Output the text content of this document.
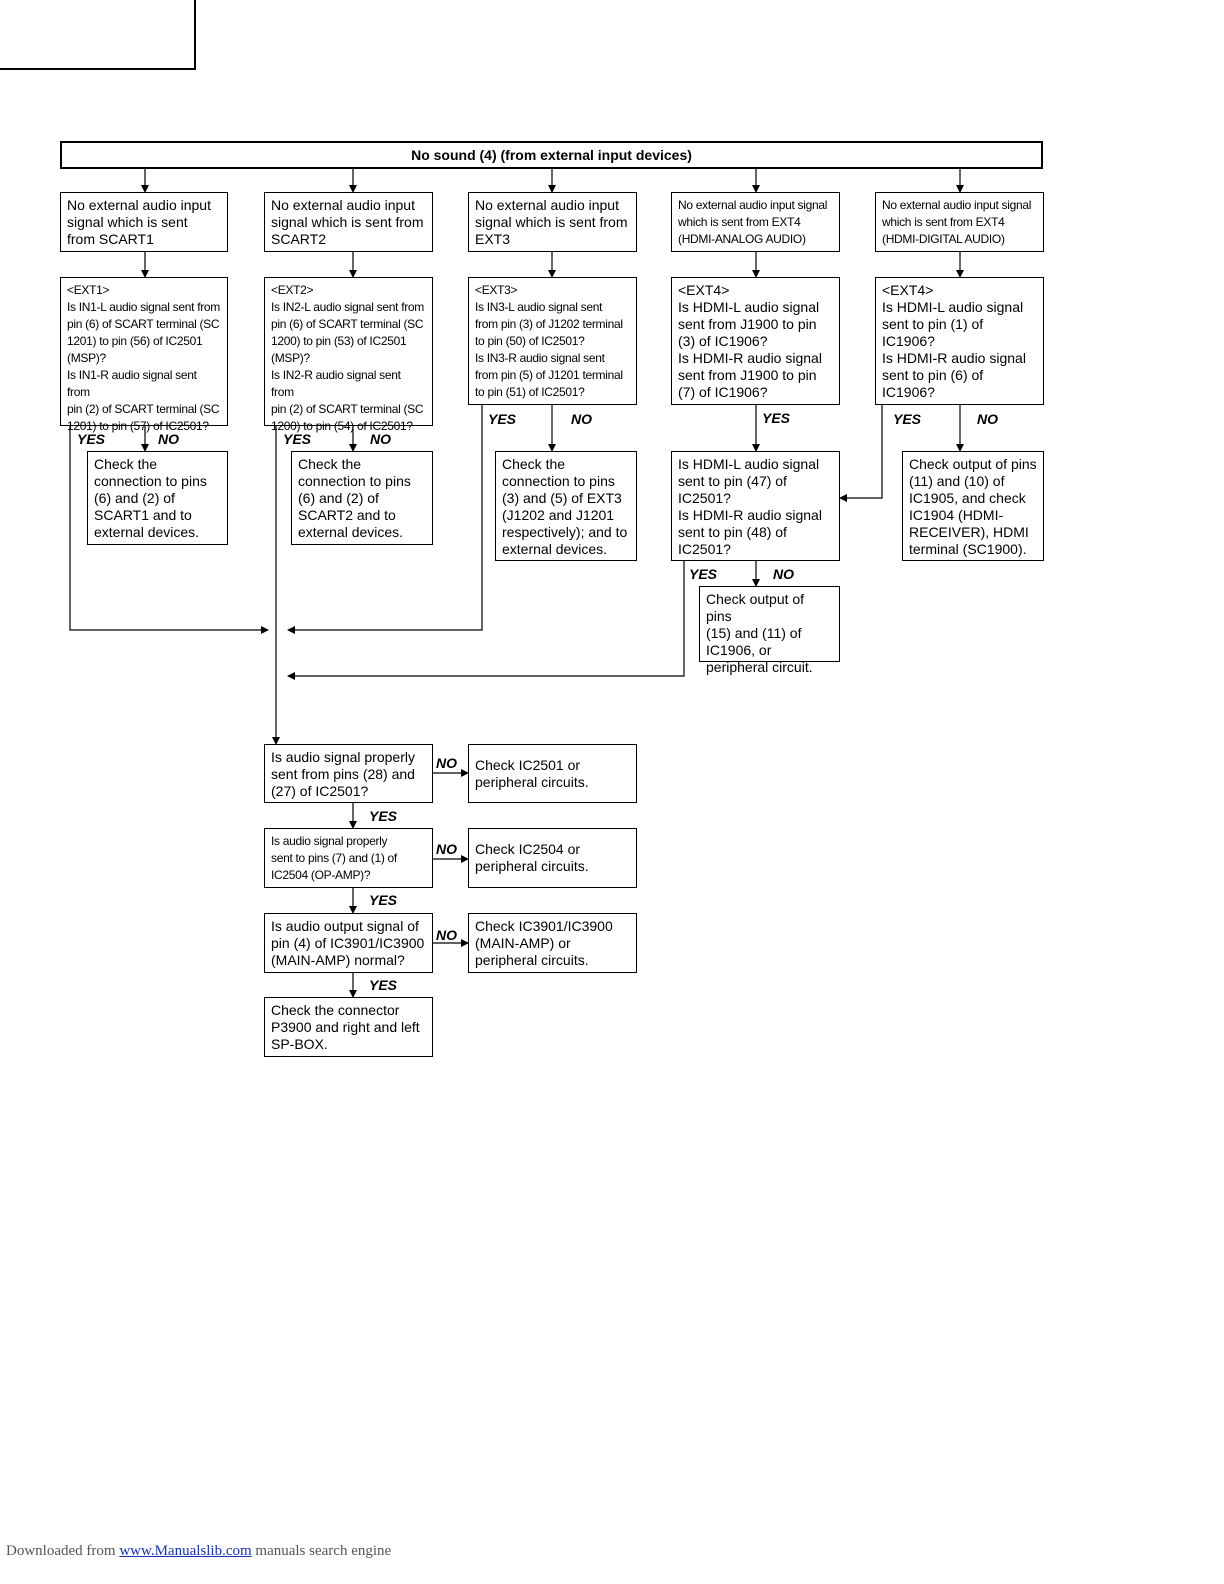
No sound (4) (from external input devices)
No external audio input
signal which is sent
from SCART1
<EXT1>
Is IN1-L audio signal sent from
pin (6) of SCART terminal (SC
1201) to pin (56) of IC2501
(MSP)?
Is IN1-R audio signal sent from
pin (2) of SCART terminal (SC
1201) to pin (57) of IC2501?
YES	NO
Check the
connection to pins
(6) and (2) of
SCART1 and to
external devices.
No external audio input
signal which is sent from
SCART2
<EXT2>
Is IN2-L audio signal sent from
pin (6) of SCART terminal (SC
1200) to pin (53) of IC2501
(MSP)?
Is IN2-R audio signal sent from
pin (2) of SCART terminal (SC
1200) to pin (54) of IC2501?
YES	NO
Check the
connection to pins
(6) and (2) of
SCART2 and to
external devices.
No external audio input
signal which is sent from
EXT3
<EXT3>
Is IN3-L audio signal sent
from pin (3) of J1202 terminal
to pin (50) of IC2501?
Is IN3-R audio signal sent
from pin (5) of J1201 terminal
to pin (51) of IC2501?
YES	NO
Check the
connection to pins
(3) and (5) of EXT3
(J1202 and J1201
respectively); and to
external devices.
No external audio input signal
which is sent from EXT4
(HDMI-ANALOG AUDIO)
<EXT4>
Is HDMI-L audio signal
sent from J1900 to pin
(3) of IC1906?
Is HDMI-R audio signal
sent from J1900 to pin
(7) of IC1906?
YES
Is HDMI-L audio signal
sent to pin (47) of
IC2501?
Is HDMI-R audio signal
sent to pin (48) of
IC2501?
YES	NO
Check output of pins
(15) and (11) of
IC1906, or
peripheral circuit.
No external audio input signal
which is sent from EXT4
(HDMI-DIGITAL AUDIO)
<EXT4>
Is HDMI-L audio signal
sent to pin (1) of
IC1906?
Is HDMI-R audio signal
sent to pin (6) of
IC1906?
YES	NO
Check output of pins
(11) and (10) of
IC1905, and check
IC1904 (HDMI-
RECEIVER), HDMI
terminal (SC1900).
Is audio signal properly
sent from pins (28) and
(27) of IC2501?
NO	Check IC2501 or
peripheral circuits.
YES
Is audio signal properly
sent to pins (7) and (1) of
IC2504 (OP-AMP)?
NO	Check IC2504 or
peripheral circuits.
YES
Is audio output signal of
pin (4) of IC3901/IC3900
(MAIN-AMP) normal?
NO
Check IC3901/IC3900
(MAIN-AMP) or
peripheral circuits.
YES
Check the connector
P3900 and right and left
SP-BOX.
Downloaded from www.Manualslib.com manuals search engine
